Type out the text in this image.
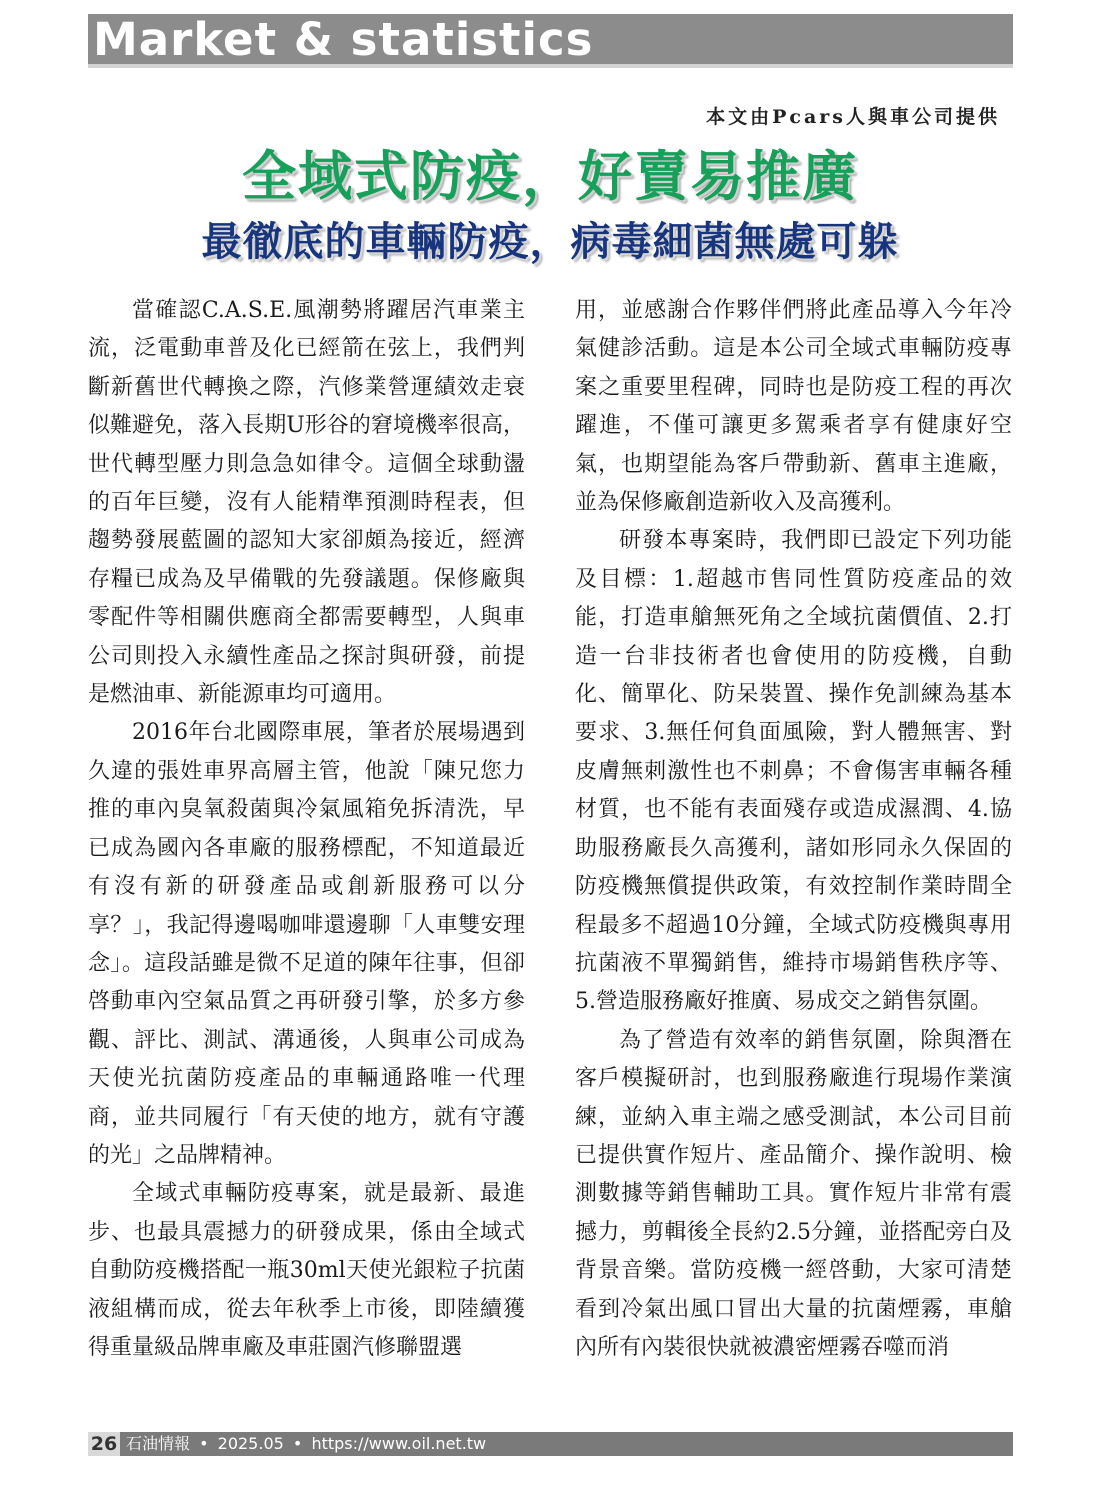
Market & statistics
本文由Pcars人與車公司提供
全域式防疫，好賣易推廣
最徹底的車輛防疫，病毒細菌無處可躲

當確認C.A.S.E.風潮勢將躍居汽車業主流，泛電動車普及化已經箭在弦上，我們判斷新舊世代轉換之際，汽修業營運績效走衰似難避免，落入長期U形谷的窘境機率很高，世代轉型壓力則急急如律令。這個全球動盪的百年巨變，沒有人能精準預測時程表，但趨勢發展藍圖的認知大家卻頗為接近，經濟存糧已成為及早備戰的先發議題。保修廠與零配件等相關供應商全都需要轉型，人與車公司則投入永續性產品之探討與研發，前提是燃油車、新能源車均可適用。

2016年台北國際車展，筆者於展場遇到久違的張姓車界高層主管，他說「陳兄您力推的車內臭氧殺菌與冷氣風箱免拆清洗，早已成為國內各車廠的服務標配，不知道最近有沒有新的研發產品或創新服務可以分享？」，我記得邊喝咖啡還邊聊「人車雙安理念」。這段話雖是微不足道的陳年往事，但卻啓動車內空氣品質之再研發引擎，於多方參觀、評比、測試、溝通後，人與車公司成為天使光抗菌防疫產品的車輛通路唯一代理商，並共同履行「有天使的地方，就有守護的光」之品牌精神。

全域式車輛防疫專案，就是最新、最進步、也最具震撼力的研發成果，係由全域式自動防疫機搭配一瓶30ml天使光銀粒子抗菌液組構而成，從去年秋季上市後，即陸續獲得重量級品牌車廠及車莊園汽修聯盟選

用，並感謝合作夥伴們將此產品導入今年冷氣健診活動。這是本公司全域式車輛防疫專案之重要里程碑，同時也是防疫工程的再次躍進，不僅可讓更多駕乘者享有健康好空氣，也期望能為客戶帶動新、舊車主進廠，並為保修廠創造新收入及高獲利。

研發本專案時，我們即已設定下列功能及目標：1.超越市售同性質防疫產品的效能，打造車艙無死角之全域抗菌價值、2.打造一台非技術者也會使用的防疫機，自動化、簡單化、防呆裝置、操作免訓練為基本要求、3.無任何負面風險，對人體無害、對皮膚無刺激性也不刺鼻；不會傷害車輛各種材質，也不能有表面殘存或造成濕潤、4.協助服務廠長久高獲利，諸如形同永久保固的防疫機無償提供政策，有效控制作業時間全程最多不超過10分鐘，全域式防疫機與專用抗菌液不單獨銷售，維持市場銷售秩序等、5.營造服務廠好推廣、易成交之銷售氛圍。

為了營造有效率的銷售氛圍，除與潛在客戶模擬研討，也到服務廠進行現場作業演練，並納入車主端之感受測試，本公司目前已提供實作短片、產品簡介、操作說明、檢測數據等銷售輔助工具。實作短片非常有震撼力，剪輯後全長約2.5分鐘，並搭配旁白及背景音樂。當防疫機一經啓動，大家可清楚看到冷氣出風口冒出大量的抗菌煙霧，車艙內所有內裝很快就被濃密煙霧吞噬而消

26 石油情報 • 2025.05 • https://www.oil.net.tw
